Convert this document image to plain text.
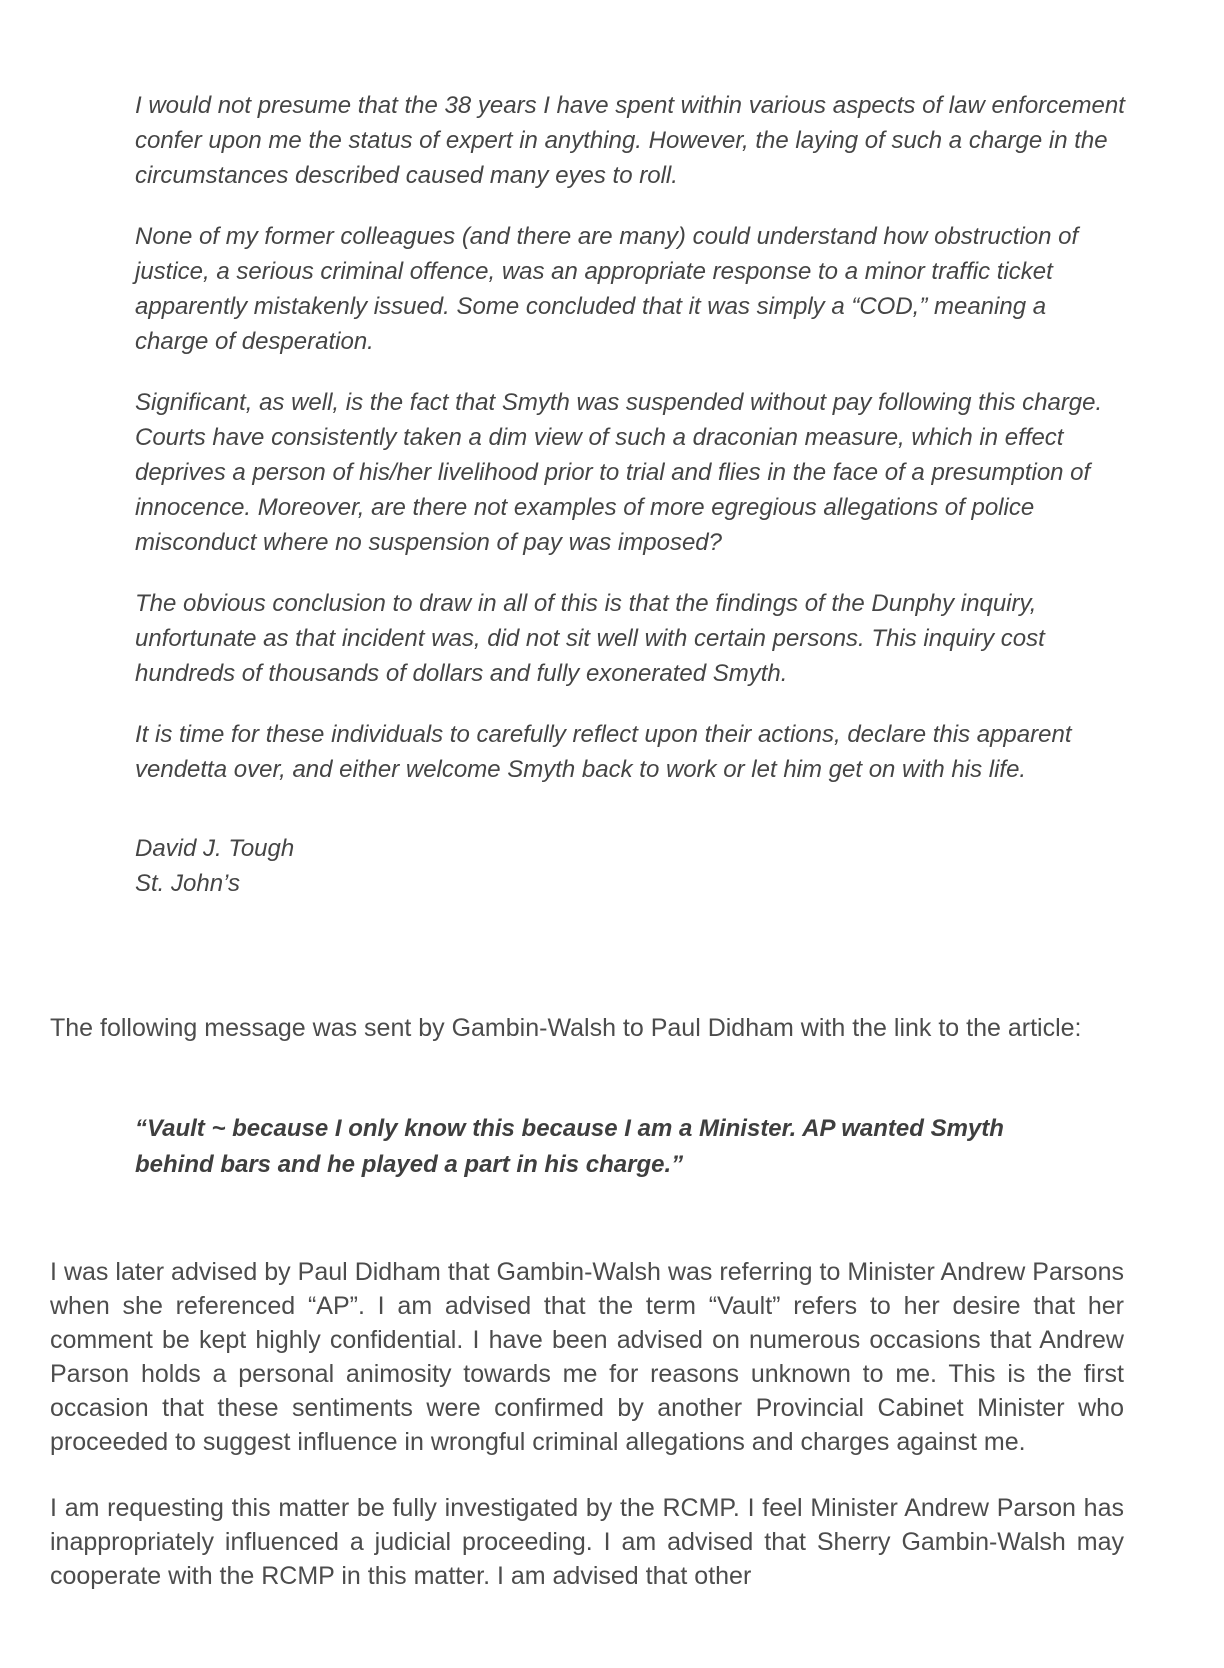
I would not presume that the 38 years I have spent within various aspects of law enforcement confer upon me the status of expert in anything. However, the laying of such a charge in the circumstances described caused many eyes to roll.

None of my former colleagues (and there are many) could understand how obstruction of justice, a serious criminal offence, was an appropriate response to a minor traffic ticket apparently mistakenly issued. Some concluded that it was simply a “COD,” meaning a charge of desperation.

Significant, as well, is the fact that Smyth was suspended without pay following this charge. Courts have consistently taken a dim view of such a draconian measure, which in effect deprives a person of his/her livelihood prior to trial and flies in the face of a presumption of innocence. Moreover, are there not examples of more egregious allegations of police misconduct where no suspension of pay was imposed?

The obvious conclusion to draw in all of this is that the findings of the Dunphy inquiry, unfortunate as that incident was, did not sit well with certain persons. This inquiry cost hundreds of thousands of dollars and fully exonerated Smyth.

It is time for these individuals to carefully reflect upon their actions, declare this apparent vendetta over, and either welcome Smyth back to work or let him get on with his life.

David J. Tough

St. John’s

The following message was sent by Gambin-Walsh to Paul Didham with the link to the article:
“Vault ~ because I only know this because I am a Minister. AP wanted Smyth behind bars and he played a part in his charge.”
I was later advised by Paul Didham that Gambin-Walsh was referring to Minister Andrew Parsons when she referenced “AP”. I am advised that the term “Vault” refers to her desire that her comment be kept highly confidential. I have been advised on numerous occasions that Andrew Parson holds a personal animosity towards me for reasons unknown to me. This is the first occasion that these sentiments were confirmed by another Provincial Cabinet Minister who proceeded to suggest influence in wrongful criminal allegations and charges against me.
I am requesting this matter be fully investigated by the RCMP. I feel Minister Andrew Parson has inappropriately influenced a judicial proceeding. I am advised that Sherry Gambin-Walsh may cooperate with the RCMP in this matter. I am advised that other
